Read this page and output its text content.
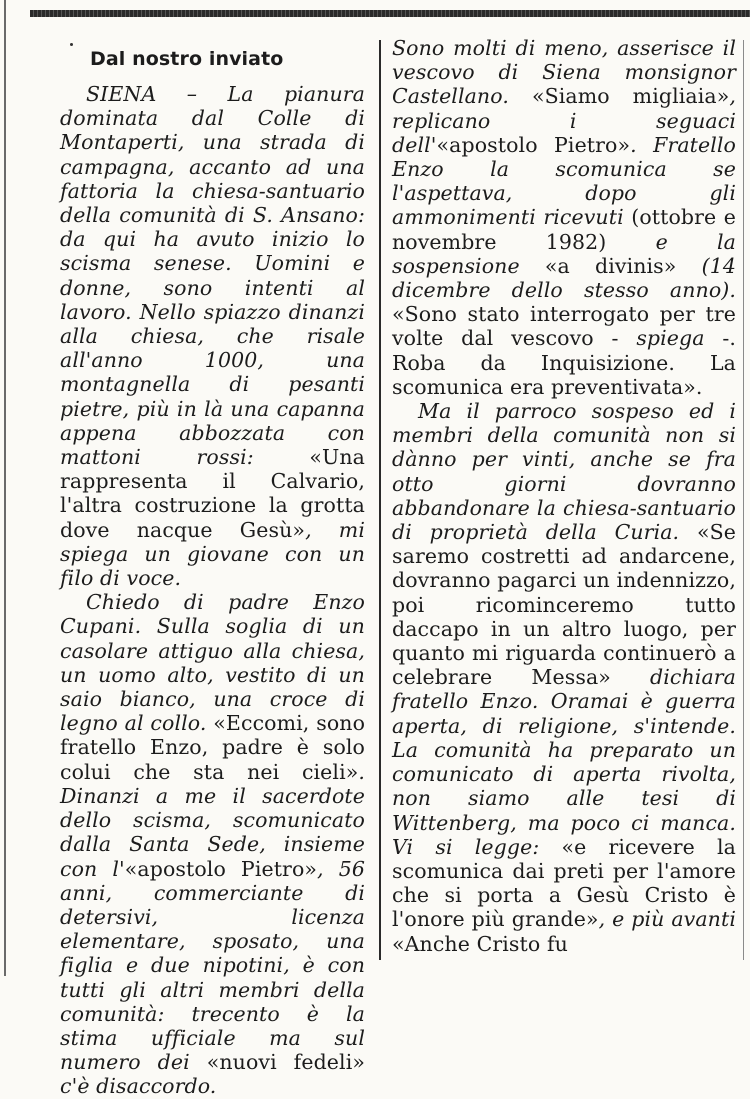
Dal nostro inviato

SIENA – La pianura dominata dal Colle di Montaperti, una strada di campagna, accanto ad una fattoria la chiesa-santuario della comunità di S. Ansano: da qui ha avuto inizio lo scisma senese. Uomini e donne, sono intenti al lavoro. Nello spiazzo dinanzi alla chiesa, che risale all'anno 1000, una montagnella di pesanti pietre, più in là una capanna appena abbozzata con mattoni rossi: «Una rappresenta il Calvario, l'altra costruzione la grotta dove nacque Gesù», mi spiega un giovane con un filo di voce.

Chiedo di padre Enzo Cupani. Sulla soglia di un casolare attiguo alla chiesa, un uomo alto, vestito di un saio bianco, una croce di legno al collo. «Eccomi, sono fratello Enzo, padre è solo colui che sta nei cieli». Dinanzi a me il sacerdote dello scisma, scomunicato dalla Santa Sede, insieme con l'«apostolo Pietro», 56 anni, commerciante di detersivi, licenza elementare, sposato, una figlia e due nipotini, è con tutti gli altri membri della comunità: trecento è la stima ufficiale ma sul numero dei «nuovi fedeli» c'è disaccordo.

Sono molti di meno, asserisce il vescovo di Siena monsignor Castellano. «Siamo migliaia», replicano i seguaci dell'«apostolo Pietro». Fratello Enzo la scomunica se l'aspettava, dopo gli ammonimenti ricevuti (ottobre e novembre 1982) e la sospensione «a divinis» (14 dicembre dello stesso anno). «Sono stato interrogato per tre volte dal vescovo - spiega -. Roba da Inquisizione. La scomunica era preventivata».

Ma il parroco sospeso ed i membri della comunità non si dànno per vinti, anche se fra otto giorni dovranno abbandonare la chiesa-santuario di proprietà della Curia. «Se saremo costretti ad andarcene, dovranno pagarci un indennizzo, poi ricominceremo tutto daccapo in un altro luogo, per quanto mi riguarda continuerò a celebrare Messa» dichiara fratello Enzo. Oramai è guerra aperta, di religione, s'intende. La comunità ha preparato un comunicato di aperta rivolta, non siamo alle tesi di Wittenberg, ma poco ci manca. Vi si legge: «e ricevere la scomunica dai preti per l'amore che si porta a Gesù Cristo è l'onore più grande», e più avanti «Anche Cristo fu
